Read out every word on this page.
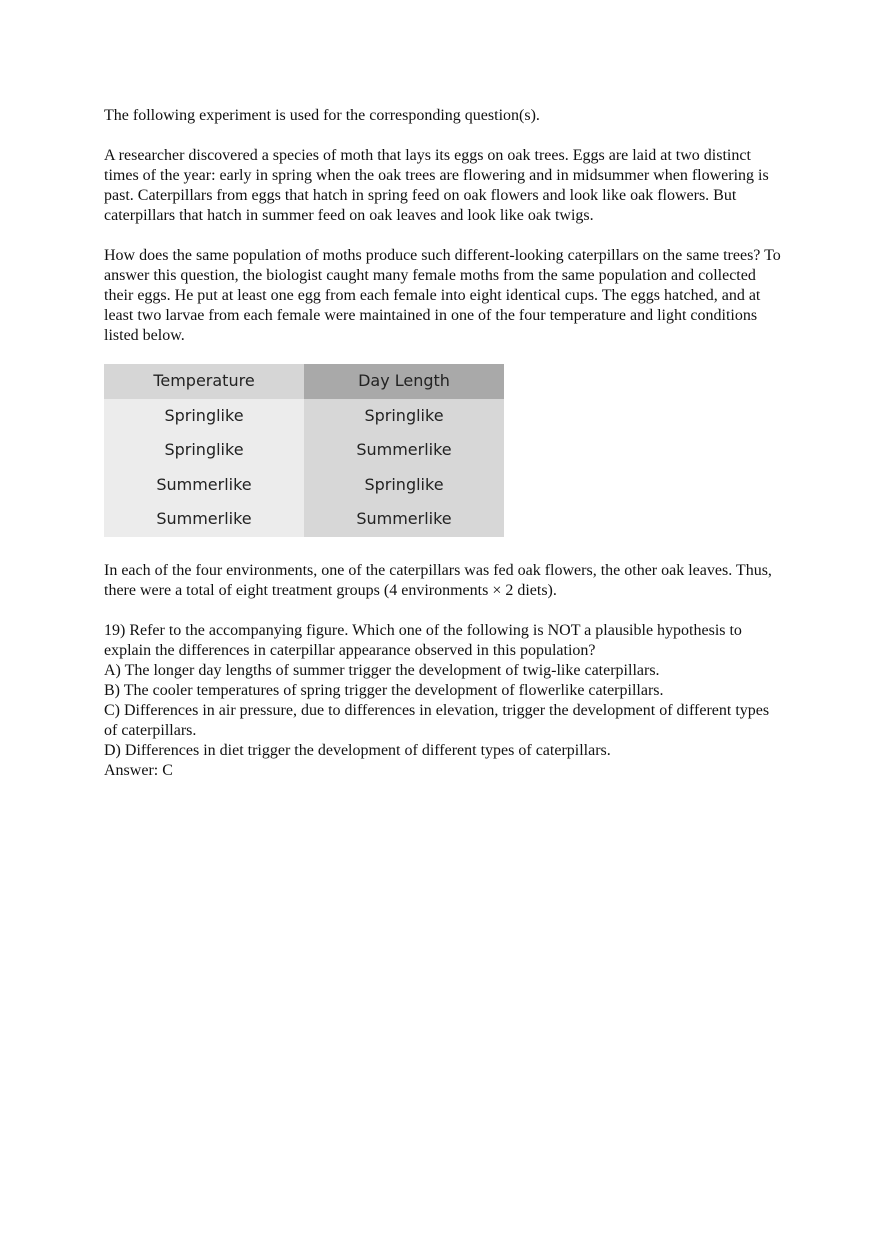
The following experiment is used for the corresponding question(s).

A researcher discovered a species of moth that lays its eggs on oak trees. Eggs are laid at two distinct times of the year: early in spring when the oak trees are flowering and in midsummer when flowering is past. Caterpillars from eggs that hatch in spring feed on oak flowers and look like oak flowers. But caterpillars that hatch in summer feed on oak leaves and look like oak twigs.

How does the same population of moths produce such different-looking caterpillars on the same trees? To answer this question, the biologist caught many female moths from the same population and collected their eggs. He put at least one egg from each female into eight identical cups. The eggs hatched, and at least two larvae from each female were maintained in one of the four temperature and light conditions listed below.

Temperature	Day Length
Springlike	Springlike
Springlike	Summerlike
Summerlike	Springlike
Summerlike	Summerlike

In each of the four environments, one of the caterpillars was fed oak flowers, the other oak leaves. Thus, there were a total of eight treatment groups (4 environments × 2 diets).

19) Refer to the accompanying figure. Which one of the following is NOT a plausible hypothesis to explain the differences in caterpillar appearance observed in this population?

A) The longer day lengths of summer trigger the development of twig-like caterpillars.

B) The cooler temperatures of spring trigger the development of flowerlike caterpillars.

C) Differences in air pressure, due to differences in elevation, trigger the development of different types of caterpillars.

D) Differences in diet trigger the development of different types of caterpillars.

Answer: C
